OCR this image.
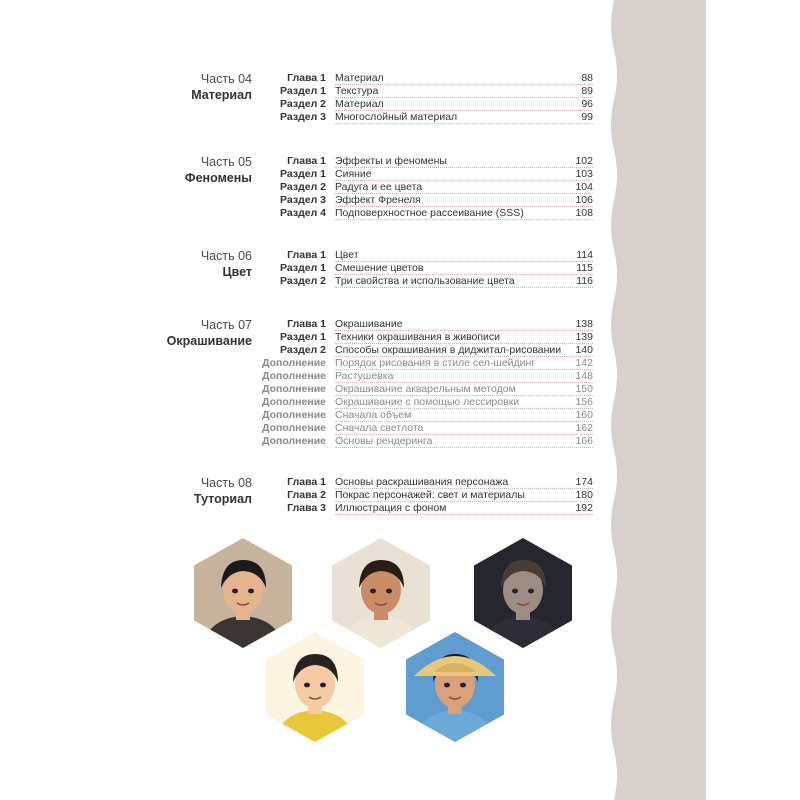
Часть 04
Материал
Глава 1 Материал	88
Раздел 1 Текстура	89
Раздел 2 Материал	96
Раздел 3 Многослойный материал	99
Часть 05
Феномены
Глава 1 Эффекты и феномены	102
Раздел 1 Сияние	103
Раздел 2 Радуга и ее цвета	104
Раздел 3 Эффект Френеля	106
Раздел 4 Подповерхностное рассеивание (SSS)	108
Часть 06
Цвет
Глава 1 Цвет	114
Раздел 1 Смешение цветов	115
Раздел 2 Три свойства и использование цвета	116
Часть 07
Окрашивание
Глава 1 Окрашивание	138
Раздел 1 Техники окрашивания в живописи	139
Раздел 2 Способы окрашивания в диджитал-рисовании 140
Дополнение Порядок рисования в стиле сел-шейдинг	142
Дополнение Растушевка	148
Дополнение Окрашивание акварельным методом	150
Дополнение Окрашивание с помощью лессировки	156
Дополнение Сначала объем	160
Дополнение Сначала светлота	162
Дополнение Основы рендеринга	166
Часть 08
Туториал
Глава 1 Основы раскрашивания персонажа	174
Глава 2 Покрас персонажей: свет и материалы	180
Глава 3 Иллюстрация с фоном	192
